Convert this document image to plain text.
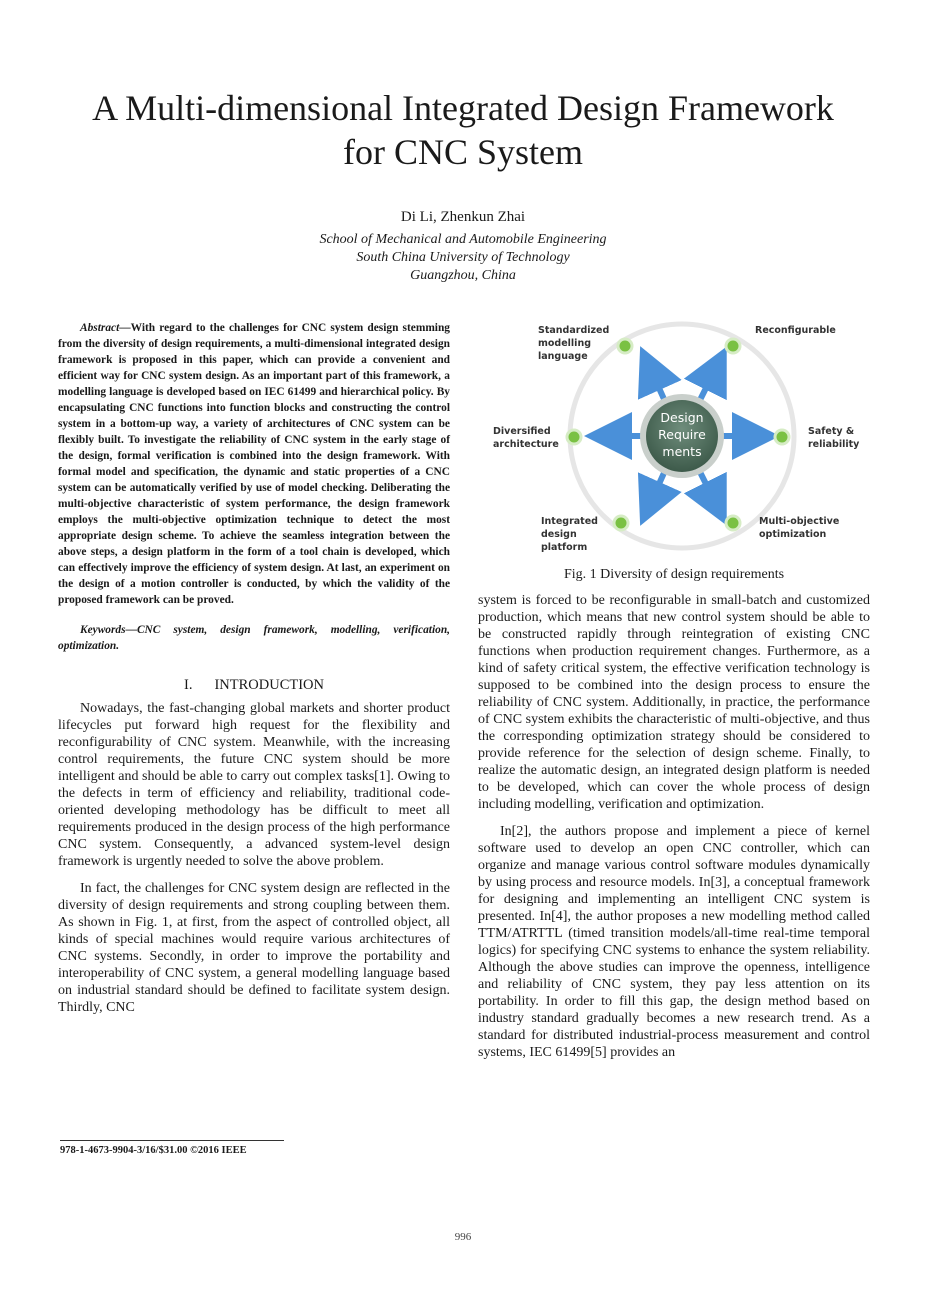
A Multi-dimensional Integrated Design Framework
for CNC System
Di Li, Zhenkun Zhai
School of Mechanical and Automobile Engineering
South China University of Technology
Guangzhou, China

Abstract—With regard to the challenges for CNC system design stemming from the diversity of design requirements, a multi-dimensional integrated design framework is proposed in this paper, which can provide a convenient and efficient way for CNC system design. As an important part of this framework, a modelling language is developed based on IEC 61499 and hierarchical policy. By encapsulating CNC functions into function blocks and constructing the control system in a bottom-up way, a variety of architectures of CNC system can be flexibly built. To investigate the reliability of CNC system in the early stage of the design, formal verification is combined into the design framework. With formal model and specification, the dynamic and static properties of a CNC system can be automatically verified by use of model checking. Deliberating the multi-objective characteristic of system performance, the design framework employs the multi-objective optimization technique to detect the most appropriate design scheme. To achieve the seamless integration between the above steps, a design platform in the form of a tool chain is developed, which can effectively improve the efficiency of system design. At last, an experiment on the design of a motion controller is conducted, by which the validity of the proposed framework can be proved.

Keywords—CNC system, design framework, modelling, verification, optimization.

I. INTRODUCTION

Nowadays, the fast-changing global markets and shorter product lifecycles put forward high request for the flexibility and reconfigurability of CNC system. Meanwhile, with the increasing control requirements, the future CNC system should be more intelligent and should be able to carry out complex tasks[1]. Owing to the defects in term of efficiency and reliability, traditional code-oriented developing methodology has be difficult to meet all requirements produced in the design process of the high performance CNC system. Consequently, a advanced system-level design framework is urgently needed to solve the above problem.

In fact, the challenges for CNC system design are reflected in the diversity of design requirements and strong coupling between them. As shown in Fig. 1, at first, from the aspect of controlled object, all kinds of special machines would require various architectures of CNC systems. Secondly, in order to improve the portability and interoperability of CNC system, a general modelling language based on industrial standard should be defined to facilitate system design. Thirdly, CNC

Design
Require
ments
Standardized
modelling
language
Reconfigurable
Diversified
architecture
Safety &
reliability
Integrated
design
platform
Multi-objective
optimization
Fig. 1 Diversity of design requirements

system is forced to be reconfigurable in small-batch and customized production, which means that new control system should be able to be constructed rapidly through reintegration of existing CNC functions when production requirement changes. Furthermore, as a kind of safety critical system, the effective verification technology is supposed to be combined into the design process to ensure the reliability of CNC system. Additionally, in practice, the performance of CNC system exhibits the characteristic of multi-objective, and thus the corresponding optimization strategy should be considered to provide reference for the selection of design scheme. Finally, to realize the automatic design, an integrated design platform is needed to be developed, which can cover the whole process of design including modelling, verification and optimization.

In[2], the authors propose and implement a piece of kernel software used to develop an open CNC controller, which can organize and manage various control software modules dynamically by using process and resource models. In[3], a conceptual framework for designing and implementing an intelligent CNC system is presented. In[4], the author proposes a new modelling method called TTM/ATRTTL (timed transition models/all-time real-time temporal logics) for specifying CNC systems to enhance the system reliability. Although the above studies can improve the openness, intelligence and reliability of CNC system, they pay less attention on its portability. In order to fill this gap, the design method based on industry standard gradually becomes a new research trend. As a standard for distributed industrial-process measurement and control systems, IEC 61499[5] provides an

978-1-4673-9904-3/16/$31.00 ©2016 IEEE
996
